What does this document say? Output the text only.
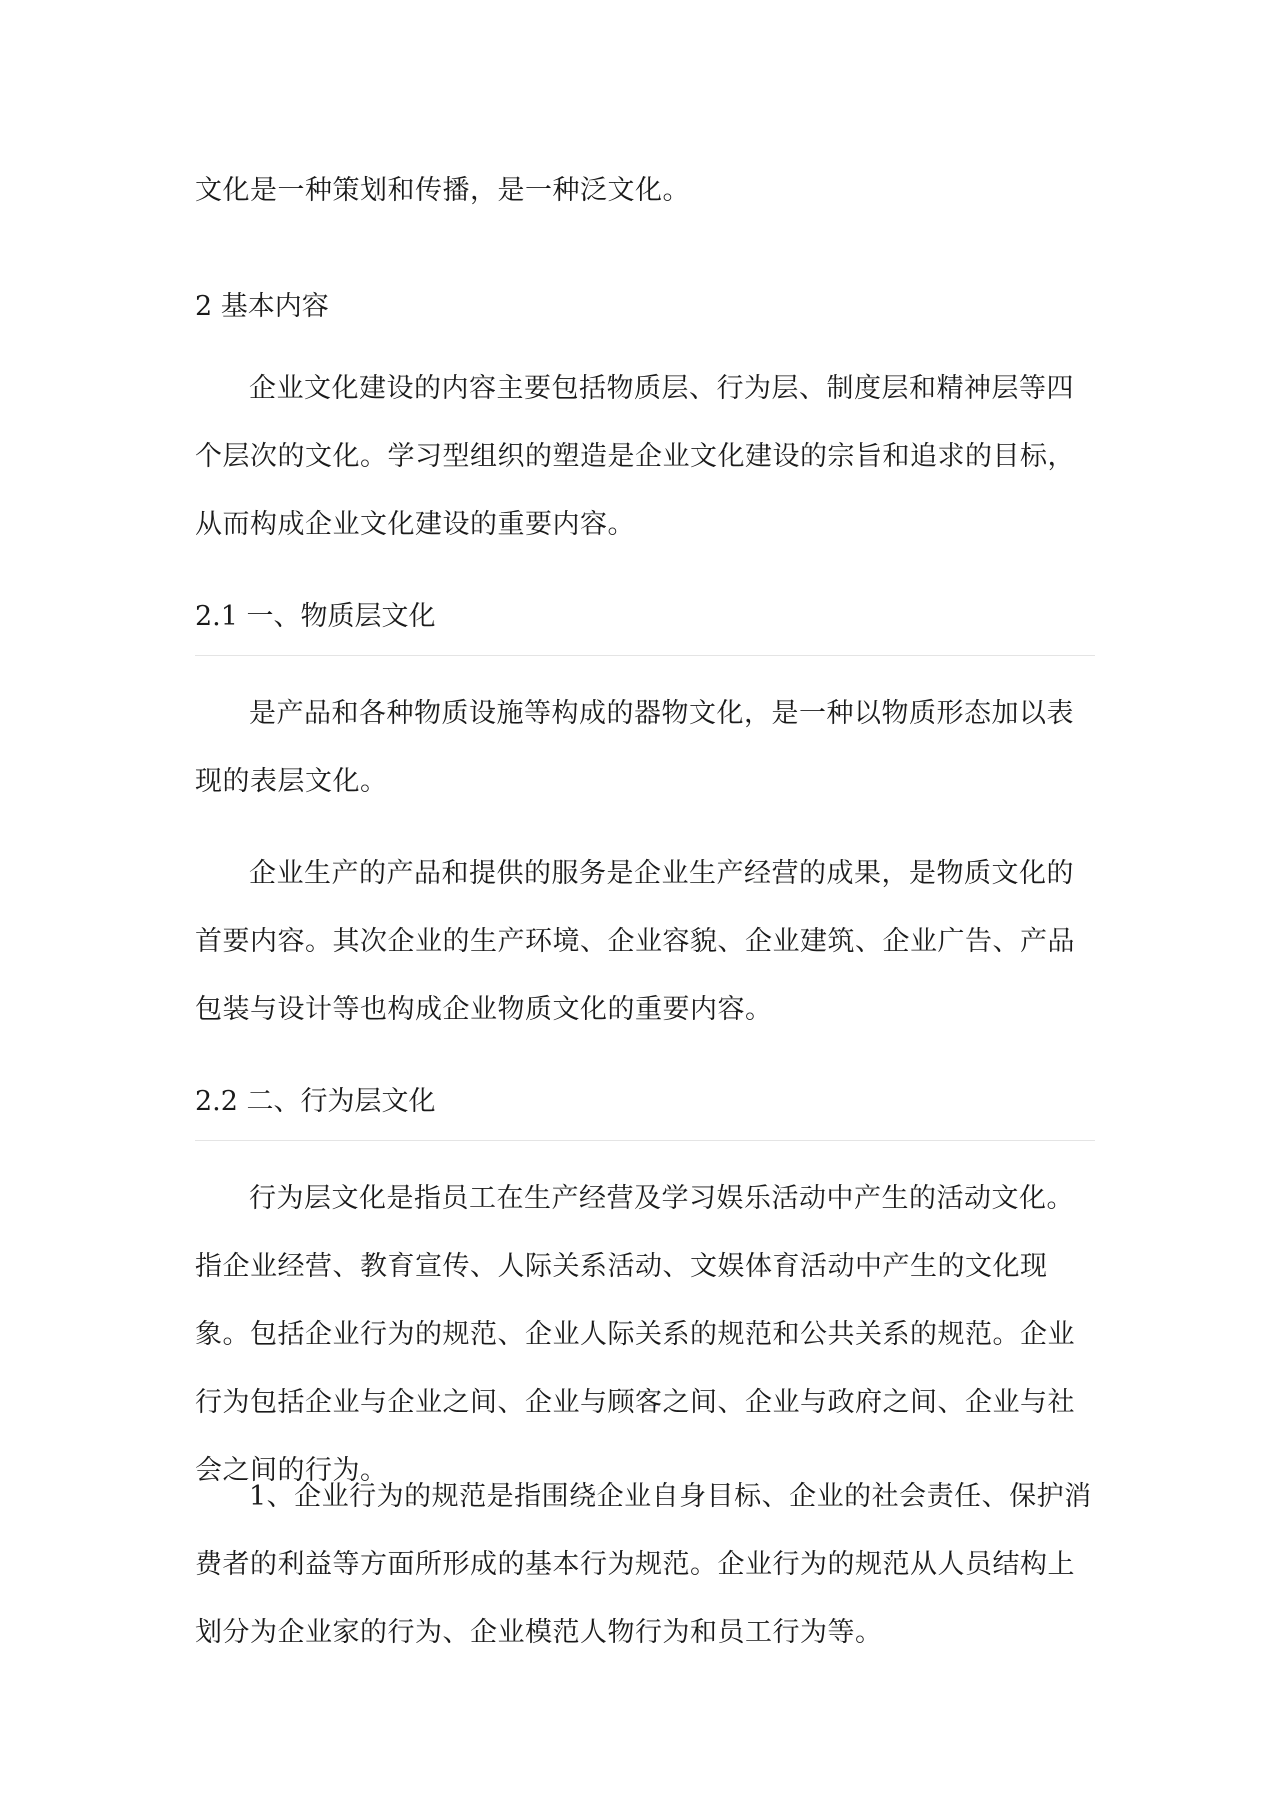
文化是一种策划和传播，是一种泛文化。
2 基本内容
企业文化建设的内容主要包括物质层、行为层、制度层和精神层等四个层次的文化。学习型组织的塑造是企业文化建设的宗旨和追求的目标，从而构成企业文化建设的重要内容。
2.1 一、物质层文化
是产品和各种物质设施等构成的器物文化，是一种以物质形态加以表现的表层文化。
企业生产的产品和提供的服务是企业生产经营的成果，是物质文化的首要内容。其次企业的生产环境、企业容貌、企业建筑、企业广告、产品包装与设计等也构成企业物质文化的重要内容。
2.2 二、行为层文化
行为层文化是指员工在生产经营及学习娱乐活动中产生的活动文化。指企业经营、教育宣传、人际关系活动、文娱体育活动中产生的文化现象。包括企业行为的规范、企业人际关系的规范和公共关系的规范。企业行为包括企业与企业之间、企业与顾客之间、企业与政府之间、企业与社会之间的行为。
1、企业行为的规范是指围绕企业自身目标、企业的社会责任、保护消费者的利益等方面所形成的基本行为规范。企业行为的规范从人员结构上划分为企业家的行为、企业模范人物行为和员工行为等。
